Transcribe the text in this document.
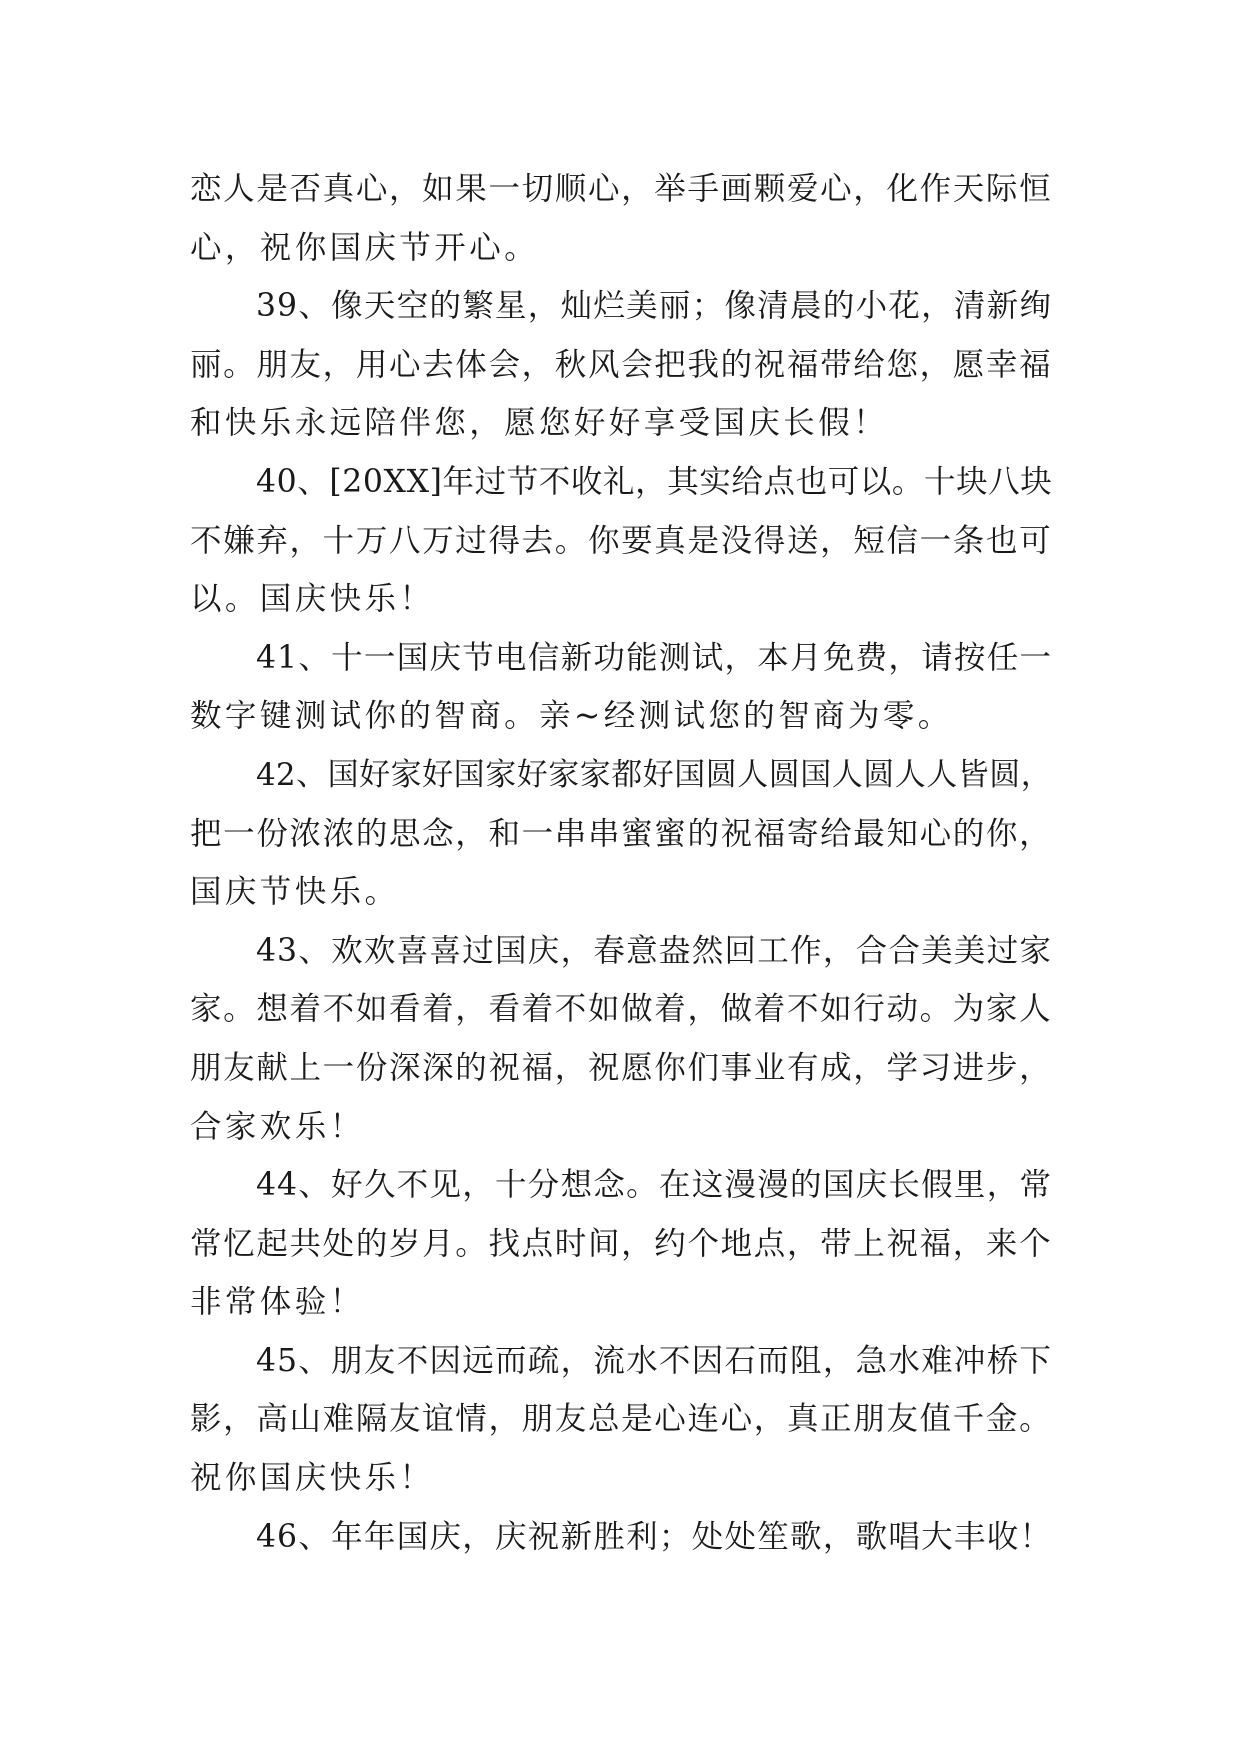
恋人是否真心，如果一切顺心，举手画颗爱心，化作天际恒
心，祝你国庆节开心。

39、像天空的繁星，灿烂美丽；像清晨的小花，清新绚
丽。朋友，用心去体会，秋风会把我的祝福带给您，愿幸福
和快乐永远陪伴您，愿您好好享受国庆长假！

40、[20XX]年过节不收礼，其实给点也可以。十块八块
不嫌弃，十万八万过得去。你要真是没得送，短信一条也可
以。国庆快乐！

41、十一国庆节电信新功能测试，本月免费，请按任一
数字键测试你的智商。亲~经测试您的智商为零。

42、国好家好国家好家家都好国圆人圆国人圆人人皆圆，
把一份浓浓的思念，和一串串蜜蜜的祝福寄给最知心的你，
国庆节快乐。

43、欢欢喜喜过国庆，春意盎然回工作，合合美美过家
家。想着不如看着，看着不如做着，做着不如行动。为家人
朋友献上一份深深的祝福，祝愿你们事业有成，学习进步，
合家欢乐！

44、好久不见，十分想念。在这漫漫的国庆长假里，常
常忆起共处的岁月。找点时间，约个地点，带上祝福，来个
非常体验！

45、朋友不因远而疏，流水不因石而阻，急水难冲桥下
影，高山难隔友谊情，朋友总是心连心，真正朋友值千金。
祝你国庆快乐！

46、年年国庆，庆祝新胜利；处处笙歌，歌唱大丰收！
